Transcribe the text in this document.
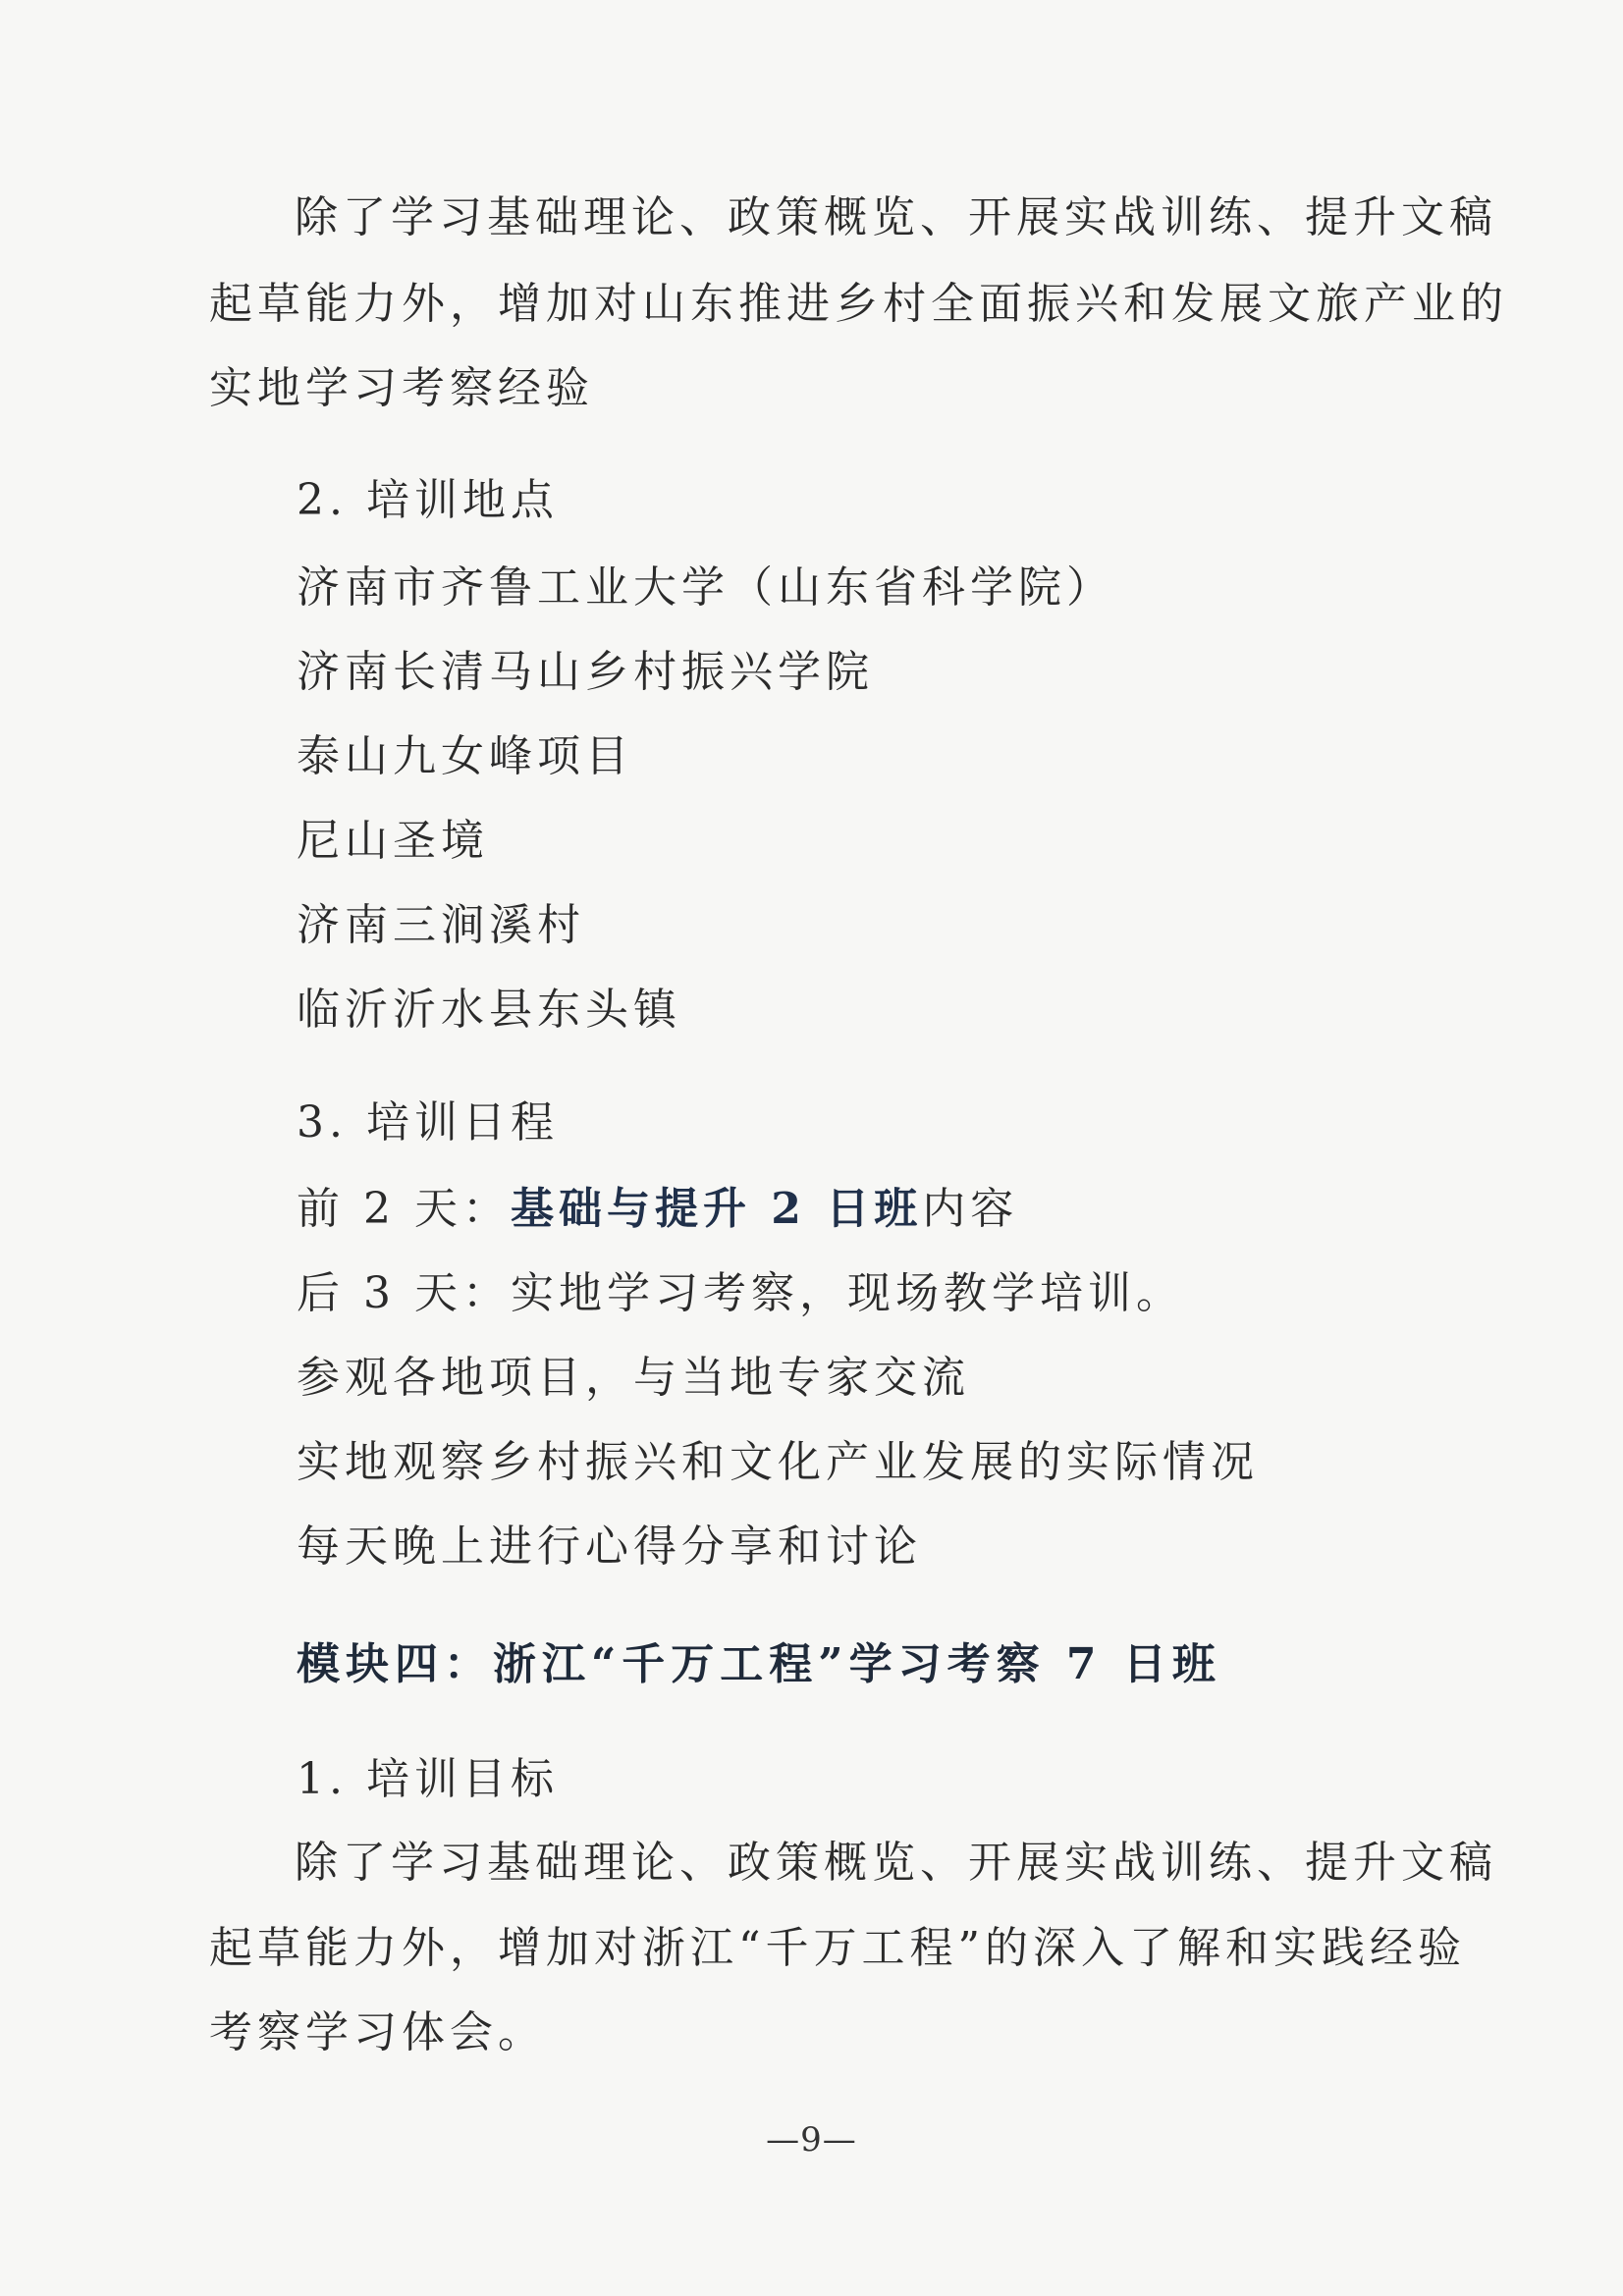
除了学习基础理论、政策概览、开展实战训练、提升文稿
起草能力外，增加对山东推进乡村全面振兴和发展文旅产业的
实地学习考察经验
2. 培训地点
济南市齐鲁工业大学（山东省科学院）
济南长清马山乡村振兴学院
泰山九女峰项目
尼山圣境
济南三涧溪村
临沂沂水县东头镇
3. 培训日程
前 2 天：基础与提升 2 日班内容
后 3 天：实地学习考察，现场教学培训。
参观各地项目，与当地专家交流
实地观察乡村振兴和文化产业发展的实际情况
每天晚上进行心得分享和讨论
模块四：浙江“千万工程”学习考察 7 日班
1. 培训目标
除了学习基础理论、政策概览、开展实战训练、提升文稿
起草能力外，增加对浙江“千万工程”的深入了解和实践经验
考察学习体会。
—9—
